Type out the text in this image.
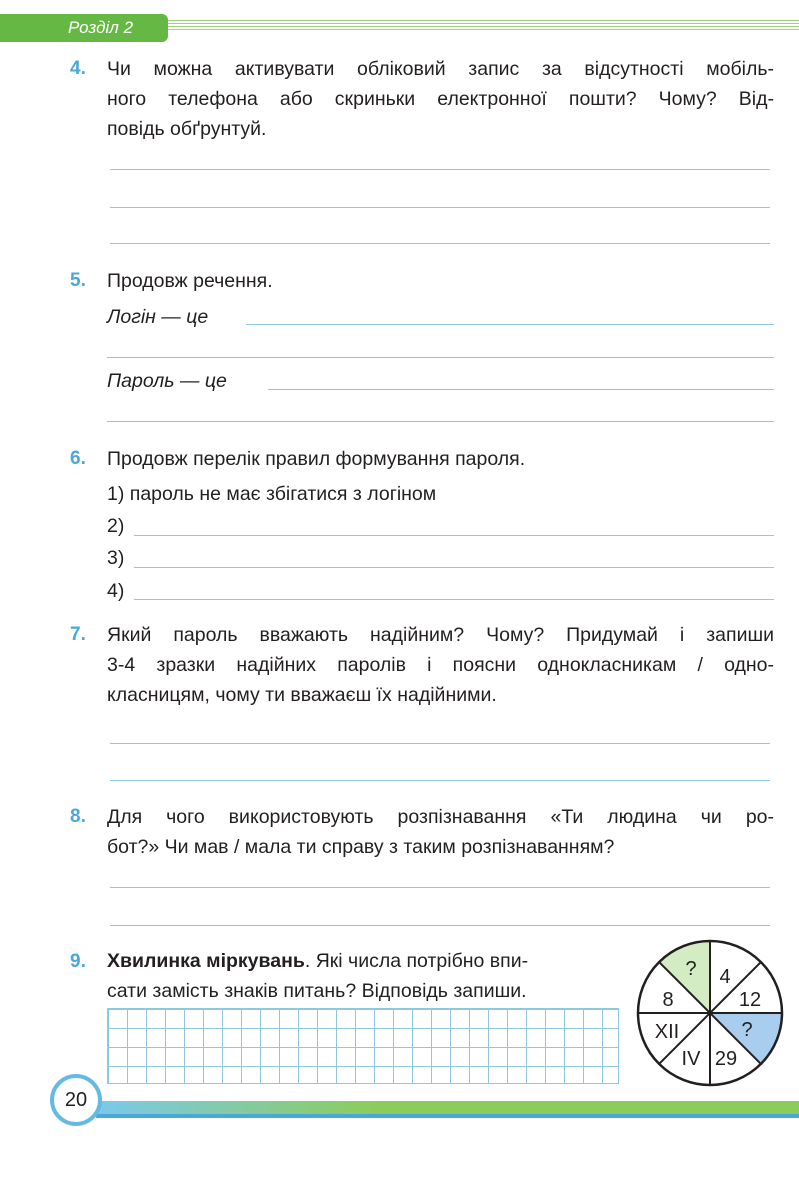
Розділ 2
4. Чи можна активувати обліковий запис за відсутності мобіль-
ного телефона або скриньки електронної пошти? Чому? Від-
повідь обґрунтуй.
5. Продовж речення.
Логін — це
Пароль — це
6. Продовж перелік правил формування пароля.
1) пароль не має збігатися з логіном
2)
3)
4)
7. Який пароль вважають надійним? Чому? Придумай і запиши
3-4 зразки надійних паролів і поясни однокласникам / одно-
класницям, чому ти вважаєш їх надійними.
8. Для чого використовують розпізнавання «Ти людина чи ро-
бот?» Чи мав / мала ти справу з таким розпізнаванням?
9. Хвилинка міркувань. Які числа потрібно впи-
сати замість знаків питань? Відповідь запиши.
? 4
12
?
29
IV
XII
8
20
